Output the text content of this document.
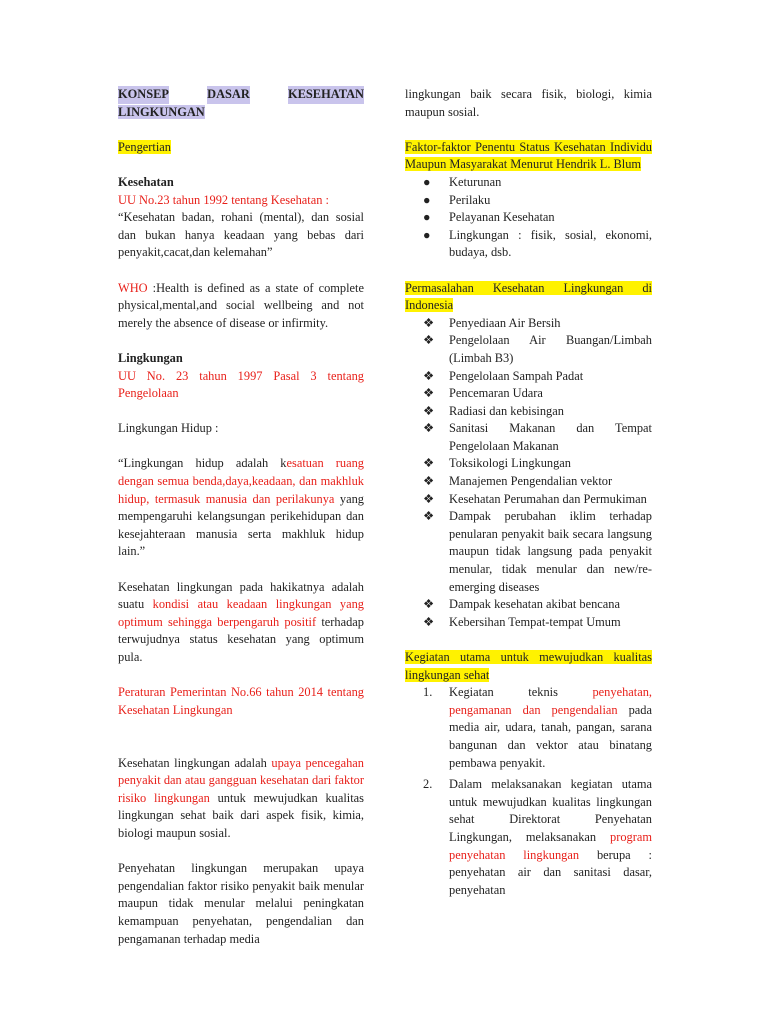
KONSEP	DASAR	KESEHATAN
LINGKUNGAN

Pengertian

Kesehatan

UU No.23 tahun 1992 tentang Kesehatan :

“Kesehatan badan, rohani (mental), dan sosial dan bukan hanya keadaan yang bebas dari penyakit,cacat,dan kelemahan”

WHO :Health is defined as a state of complete physical,mental,and social wellbeing and not merely the absence of disease or infirmity.

Lingkungan

UU No. 23 tahun 1997 Pasal 3 tentang Pengelolaan

Lingkungan Hidup :

“Lingkungan hidup adalah kesatuan ruang dengan semua benda,daya,keadaan, dan makhluk hidup, termasuk manusia dan perilakunya yang mempengaruhi kelangsungan perikehidupan dan kesejahteraan manusia serta makhluk hidup lain.”

Kesehatan lingkungan pada hakikatnya adalah suatu kondisi atau keadaan lingkungan yang optimum sehingga berpengaruh positif terhadap terwujudnya status kesehatan yang optimum pula.

Peraturan Pemerintan No.66 tahun 2014 tentang Kesehatan Lingkungan

Kesehatan lingkungan adalah upaya pencegahan penyakit dan atau gangguan kesehatan dari faktor risiko lingkungan untuk mewujudkan kualitas lingkungan sehat baik dari aspek fisik, kimia, biologi maupun sosial.

Penyehatan lingkungan merupakan upaya pengendalian faktor risiko penyakit baik menular maupun tidak menular melalui peningkatan kemampuan penyehatan, pengendalian dan pengamanan terhadap media

lingkungan baik secara fisik, biologi, kimia maupun sosial.

Faktor-faktor Penentu Status Kesehatan Individu Maupun Masyarakat Menurut Hendrik L. Blum

● Keturunan
● Perilaku
● Pelayanan Kesehatan
● Lingkungan : fisik, sosial, ekonomi, budaya, dsb.

Permasalahan Kesehatan Lingkungan di Indonesia

❖ Penyediaan Air Bersih
❖ Pengelolaan Air Buangan/Limbah (Limbah B3)
❖ Pengelolaan Sampah Padat
❖ Pencemaran Udara
❖ Radiasi dan kebisingan
❖ Sanitasi Makanan dan Tempat Pengelolaan Makanan
❖ Toksikologi Lingkungan
❖ Manajemen Pengendalian vektor
❖ Kesehatan Perumahan dan Permukiman
❖ Dampak perubahan iklim terhadap penularan penyakit baik secara langsung maupun tidak langsung pada penyakit menular, tidak menular dan new/re-emerging diseases
❖ Dampak kesehatan akibat bencana
❖ Kebersihan Tempat-tempat Umum

Kegiatan utama untuk mewujudkan kualitas lingkungan sehat

1. Kegiatan teknis penyehatan, pengamanan dan pengendalian pada media air, udara, tanah, pangan, sarana bangunan dan vektor atau binatang pembawa penyakit.
2. Dalam melaksanakan kegiatan utama untuk mewujudkan kualitas lingkungan sehat Direktorat Penyehatan Lingkungan, melaksanakan program penyehatan lingkungan berupa : penyehatan air dan sanitasi dasar, penyehatan
